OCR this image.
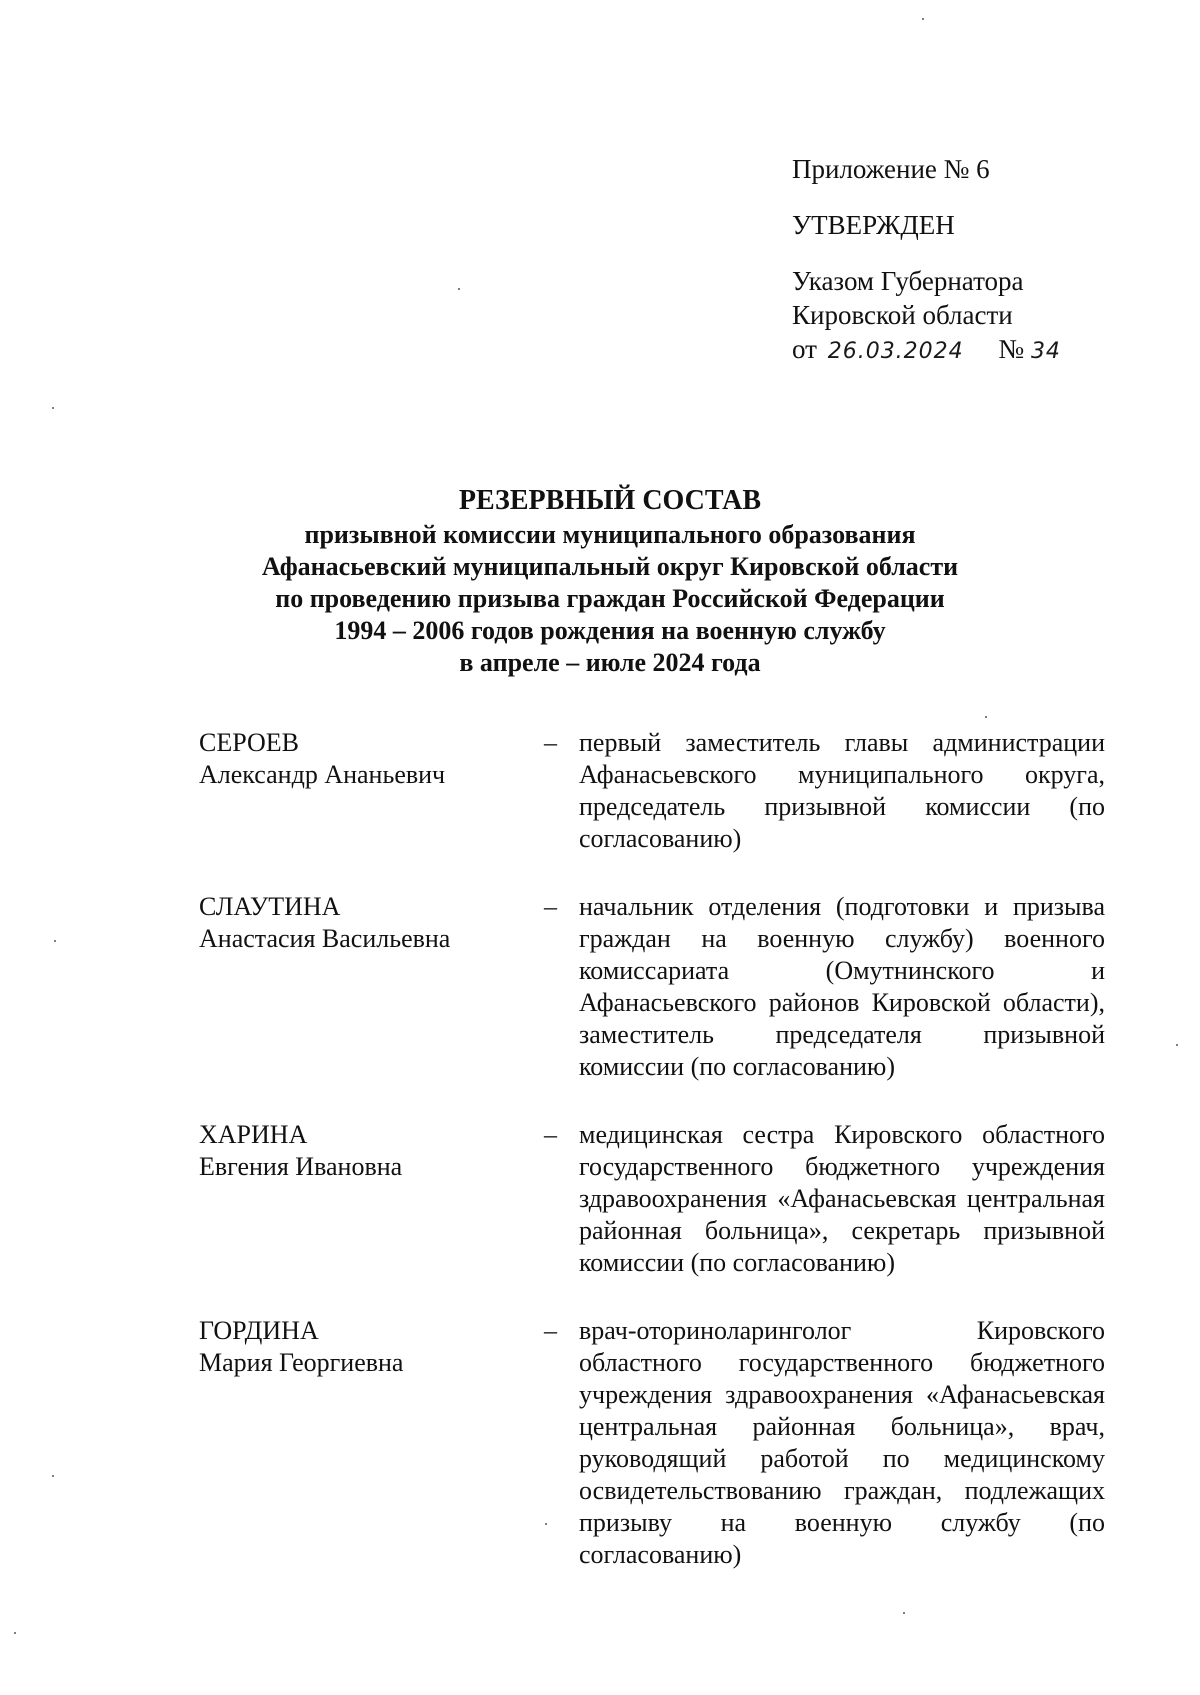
Приложение № 6
УТВЕРЖДЕН
Указом Губернатора
Кировской области
от 26.03.2024 № 34
РЕЗЕРВНЫЙ СОСТАВ
призывной комиссии муниципального образования
Афанасьевский муниципальный округ Кировской области
по проведению призыва граждан Российской Федерации
1994 – 2006 годов рождения на военную службу
в апреле – июле 2024 года
СЕРОЕВ
Александр Ананьевич
– первый заместитель главы администрации Афанасьевского муниципального округа, председатель призывной комиссии (по согласованию)
СЛАУТИНА
Анастасия Васильевна
– начальник отделения (подготовки и призыва граждан на военную службу) военного комиссариата (Омутнинского и Афанасьевского районов Кировской области), заместитель председателя призывной комиссии (по согласованию)
ХАРИНА
Евгения Ивановна
– медицинская сестра Кировского областного государственного бюджетного учреждения здравоохранения «Афанасьевская центральная районная больница», секретарь призывной комиссии (по согласованию)
ГОРДИНА
Мария Георгиевна
– врач-оториноларинголог Кировского областного государственного бюджетного учреждения здравоохранения «Афанасьевская центральная районная больница», врач, руководящий работой по медицинскому освидетельствованию граждан, подлежащих призыву на военную службу (по согласованию)
